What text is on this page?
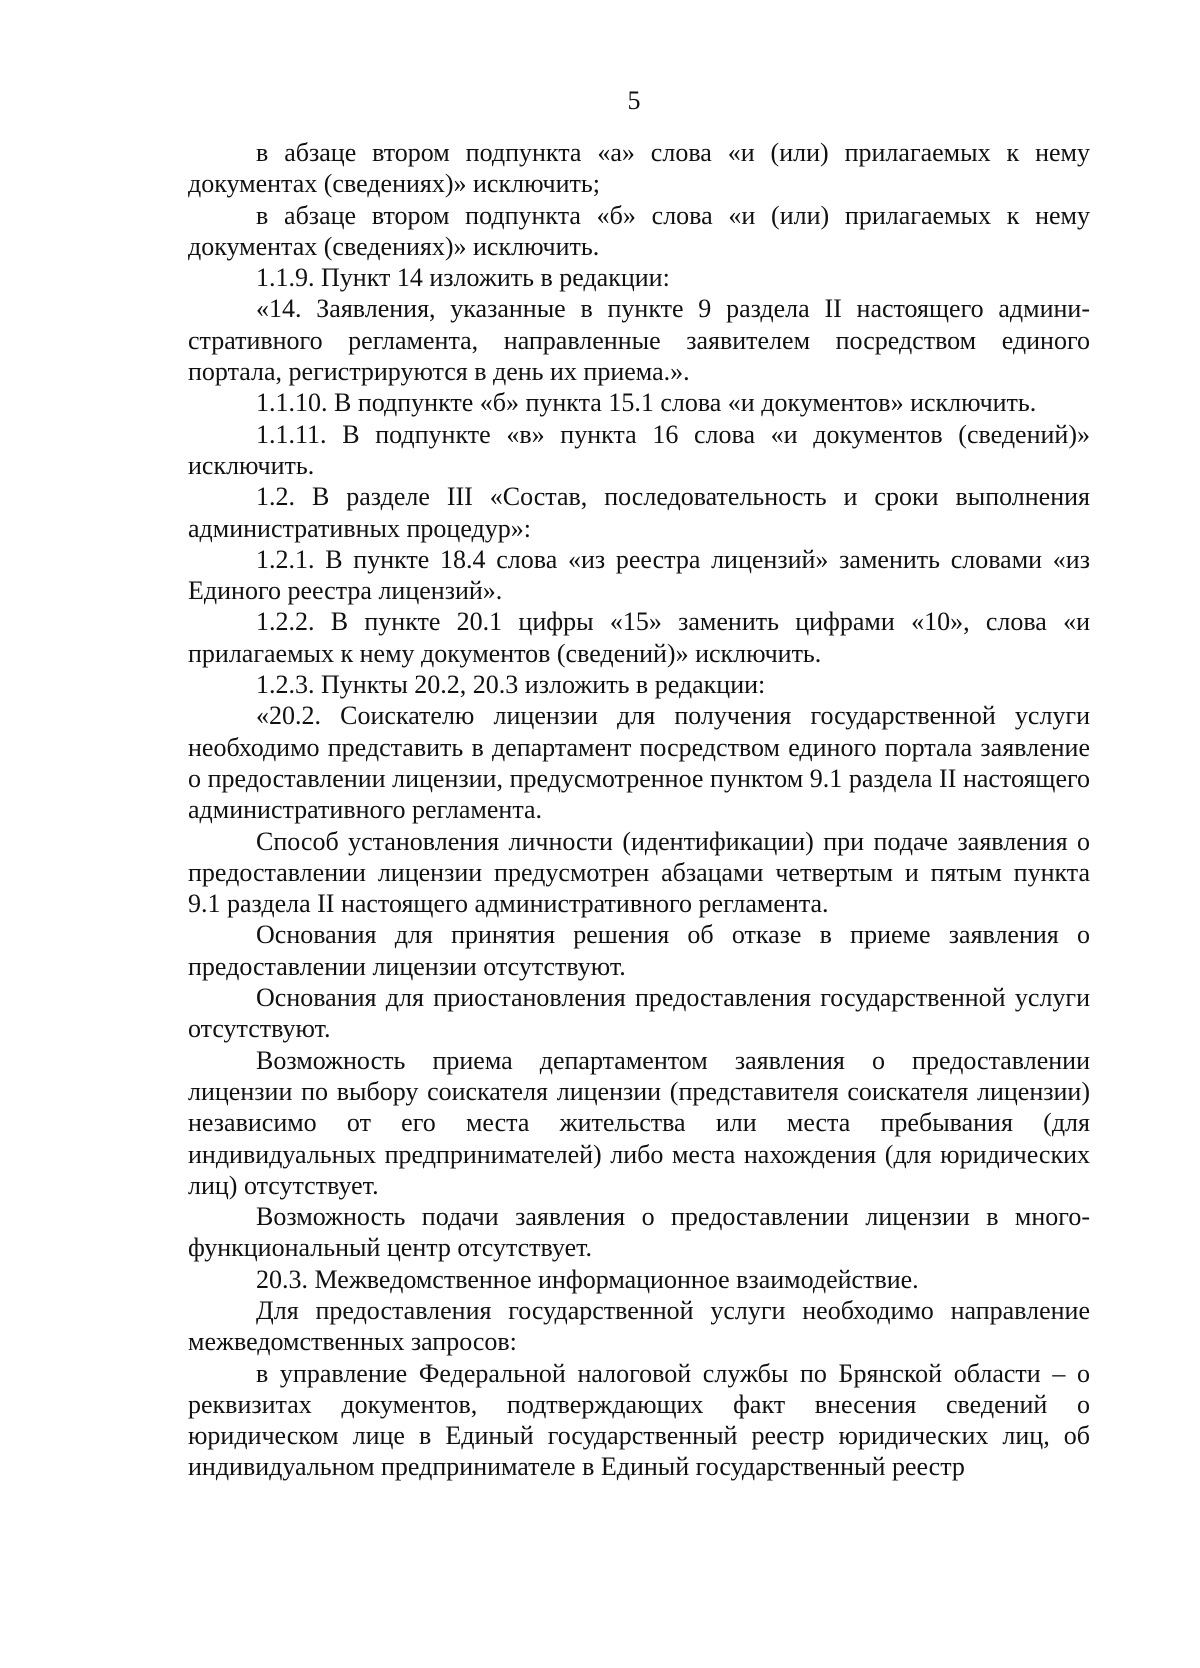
5

в абзаце втором подпункта «а» слова «и (или) прилагаемых к нему документах (сведениях)» исключить;

в абзаце втором подпункта «б» слова «и (или) прилагаемых к нему документах (сведениях)» исключить.

1.1.9. Пункт 14 изложить в редакции:

«14. Заявления, указанные в пункте 9 раздела II настоящего административного регламента, направленные заявителем посредством единого портала, регистрируются в день их приема.».

1.1.10. В подпункте «б» пункта 15.1 слова «и документов» исключить.

1.1.11. В подпункте «в» пункта 16 слова «и документов (сведений)» исключить.

1.2. В разделе III «Состав, последовательность и сроки выполнения административных процедур»:

1.2.1. В пункте 18.4 слова «из реестра лицензий» заменить словами «из Единого реестра лицензий».

1.2.2. В пункте 20.1 цифры «15» заменить цифрами «10», слова «и прилагаемых к нему документов (сведений)» исключить.

1.2.3. Пункты 20.2, 20.3 изложить в редакции:

«20.2. Соискателю лицензии для получения государственной услуги необходимо представить в департамент посредством единого портала заявление о предоставлении лицензии, предусмотренное пунктом 9.1 раздела II настоящего административного регламента.

Способ установления личности (идентификации) при подаче заявления о предоставлении лицензии предусмотрен абзацами четвертым и пятым пункта 9.1 раздела II настоящего административного регламента.

Основания для принятия решения об отказе в приеме заявления о предоставлении лицензии отсутствуют.

Основания для приостановления предоставления государственной услуги отсутствуют.

Возможность приема департаментом заявления о предоставлении лицензии по выбору соискателя лицензии (представителя соискателя лицензии) независимо от его места жительства или места пребывания (для индивидуальных предпринимателей) либо места нахождения (для юридических лиц) отсутствует.

Возможность подачи заявления о предоставлении лицензии в многофункциональный центр отсутствует.

20.3. Межведомственное информационное взаимодействие.

Для предоставления государственной услуги необходимо направление межведомственных запросов:

в управление Федеральной налоговой службы по Брянской области – о реквизитах документов, подтверждающих факт внесения сведений о юридическом лице в Единый государственный реестр юридических лиц, об индивидуальном предпринимателе в Единый государственный реестр
